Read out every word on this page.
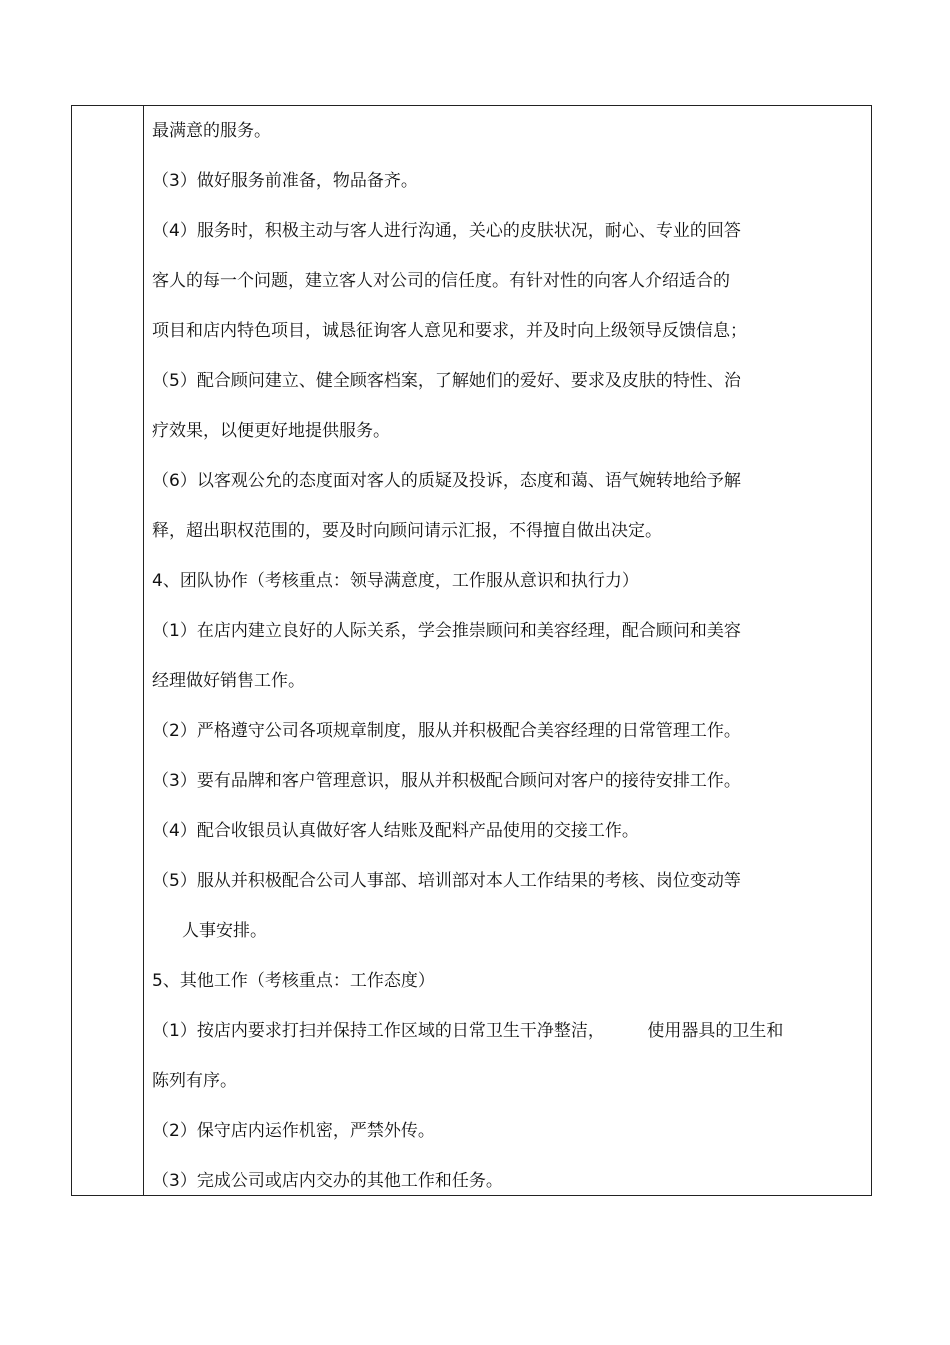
最满意的服务。
（3）做好服务前准备，物品备齐。
（4）服务时，积极主动与客人进行沟通，关心的皮肤状况，耐心、专业的回答
客人的每一个问题，建立客人对公司的信任度。有针对性的向客人介绍适合的
项目和店内特色项目，诚恳征询客人意见和要求，并及时向上级领导反馈信息；
（5）配合顾问建立、健全顾客档案，了解她们的爱好、要求及皮肤的特性、治
疗效果，以便更好地提供服务。
（6）以客观公允的态度面对客人的质疑及投诉，态度和蔼、语气婉转地给予解
释，超出职权范围的，要及时向顾问请示汇报，不得擅自做出决定。
4、团队协作（考核重点：领导满意度，工作服从意识和执行力）
（1）在店内建立良好的人际关系，学会推崇顾问和美容经理，配合顾问和美容
经理做好销售工作。
（2）严格遵守公司各项规章制度，服从并积极配合美容经理的日常管理工作。
（3）要有品牌和客户管理意识，服从并积极配合顾问对客户的接待安排工作。
（4）配合收银员认真做好客人结账及配料产品使用的交接工作。
（5）服从并积极配合公司人事部、培训部对本人工作结果的考核、岗位变动等
人事安排。
5、其他工作（考核重点：工作态度）
（1）按店内要求打扫并保持工作区域的日常卫生干净整洁，　　　使用器具的卫生和
陈列有序。
（2）保守店内运作机密，严禁外传。
（3）完成公司或店内交办的其他工作和任务。
